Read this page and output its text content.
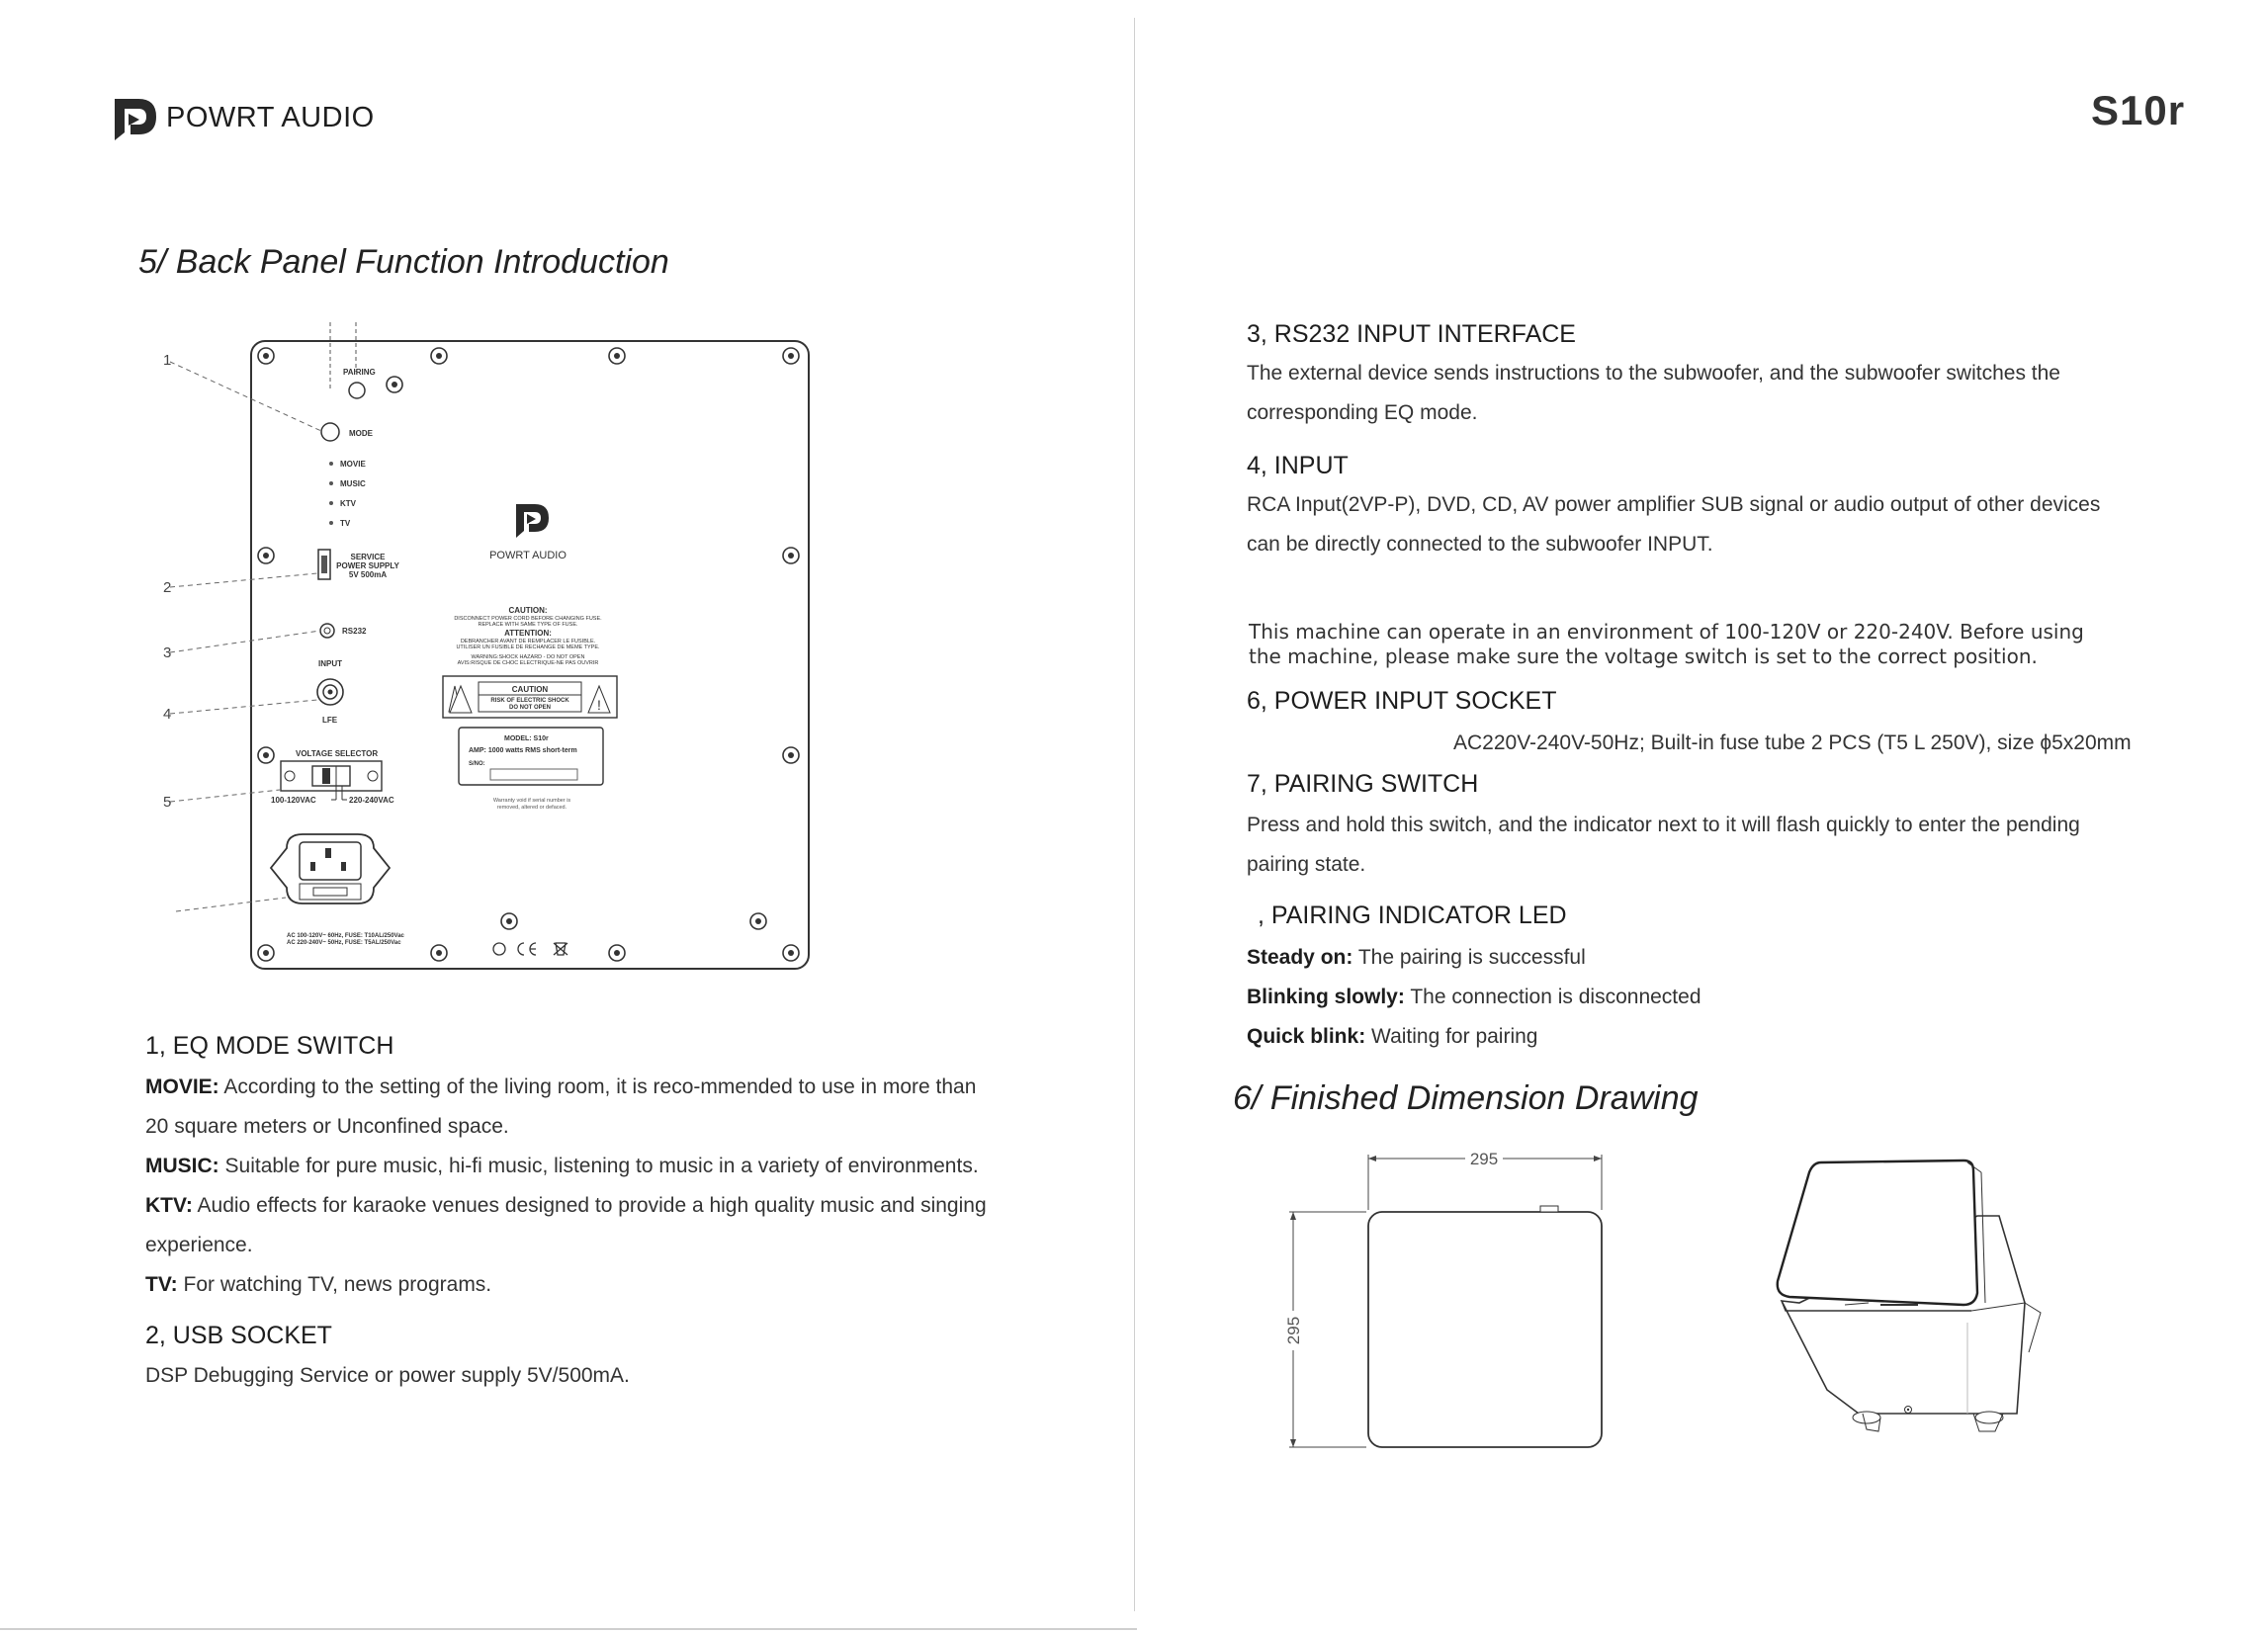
POWRT AUDIO	S10r
5/ Back Panel Function Introduction
PAIRING
MODE
MOVIE
MUSIC
KTV
TV
SERVICE
POWER SUPPLY
5V 500mA
POWRT AUDIO
RS232
INPUT
LFE
VOLTAGE SELECTOR
100-120VAC	220-240VAC
CAUTION:
DISCONNECT POWER CORD BEFORE CHANGING FUSE.
REPLACE WITH SAME TYPE OF FUSE.
ATTENTION:
DEBRANCHER AVANT DE REMPLACER LE FUSIBLE.
UTILISER UN FUSIBLE DE RECHANGE DE MEME TYPE.
WARNING:SHOCK HAZARD - DO NOT OPEN
AVIS:RISQUE DE CHOC ELECTRIQUE-NE PAS OUVRIR
!
CAUTION
RISK OF ELECTRIC SHOCK
DO NOT OPEN
MODEL: S10r
AMP: 1000 watts RMS short-term
S/NO:
Warranty void if serial number is
removed, altered or defaced.
AC 100-120V~ 60Hz, FUSE: T10AL/250Vac
AC 220-240V~ 50Hz, FUSE: T5AL/250Vac
1
2
3
4
5
1, EQ MODE SWITCH
MOVIE: According to the setting of the living room, it is reco-mmended to use in more than
20 square meters or Unconfined space.
MUSIC: Suitable for pure music, hi-fi music, listening to music in a variety of environments.
KTV: Audio effects for karaoke venues designed to provide a high quality music and singing
experience.
TV: For watching TV, news programs.
2, USB SOCKET
DSP Debugging Service or power supply 5V/500mA.
3, RS232 INPUT INTERFACE
The external device sends instructions to the subwoofer, and the subwoofer switches the
corresponding EQ mode.
4, INPUT
RCA Input(2VP-P), DVD, CD, AV power amplifier SUB signal or audio output of other devices
can be directly connected to the subwoofer INPUT.
This machine can operate in an environment of 100-120V or 220-240V. Before using
the machine, please make sure the voltage switch is set to the correct position.
6, POWER INPUT SOCKET
AC220V-240V-50Hz; Built-in fuse tube 2 PCS (T5 L 250V), size ϕ5x20mm
7, PAIRING SWITCH
Press and hold this switch, and the indicator next to it will flash quickly to enter the pending
pairing state.
, PAIRING INDICATOR LED
Steady on: The pairing is successful
Blinking slowly: The connection is disconnected
Quick blink: Waiting for pairing
6/ Finished Dimension Drawing
295
295
